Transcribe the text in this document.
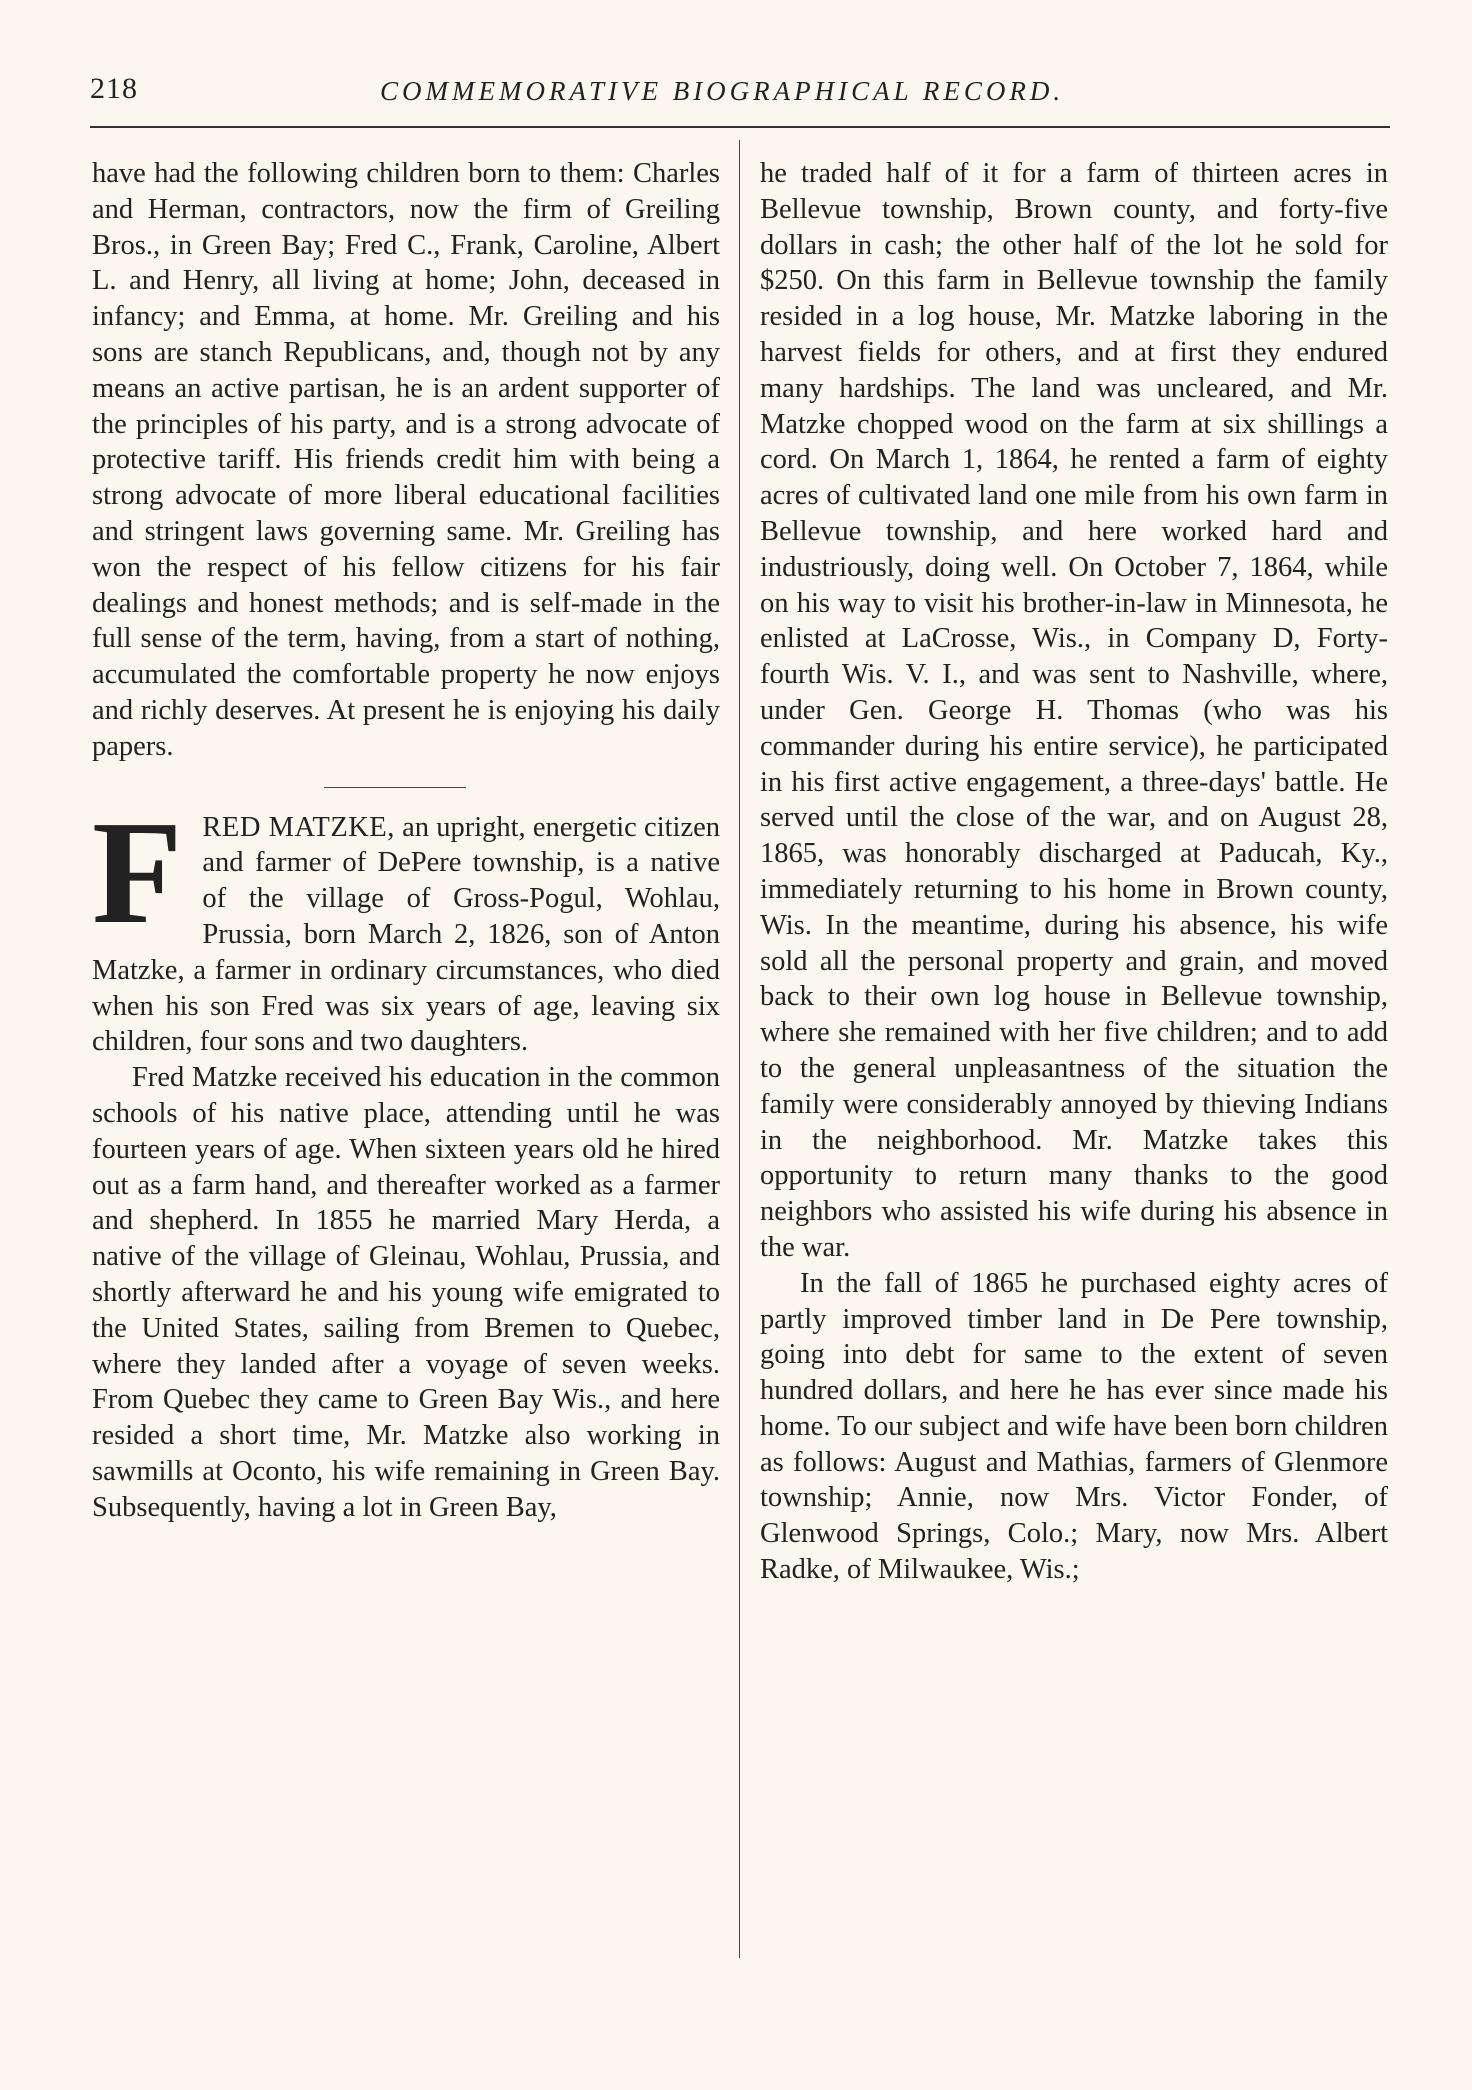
218	COMMEMORATIVE BIOGRAPHICAL RECORD.

have had the following children born to them: Charles and Herman, contractors, now the firm of Greiling Bros., in Green Bay; Fred C., Frank, Caroline, Albert L. and Henry, all living at home; John, deceased in infancy; and Emma, at home. Mr. Greiling and his sons are stanch Republicans, and, though not by any means an active partisan, he is an ardent supporter of the principles of his party, and is a strong advocate of protective tariff. His friends credit him with being a strong advocate of more liberal educational facilities and stringent laws governing same. Mr. Greiling has won the respect of his fellow citizens for his fair dealings and honest methods; and is self-made in the full sense of the term, having, from a start of nothing, accumulated the comfortable property he now enjoys and richly deserves. At present he is enjoying his daily papers.

FRED MATZKE, an upright, energetic citizen and farmer of DePere township, is a native of the village of Gross-Pogul, Wohlau, Prussia, born March 2, 1826, son of Anton Matzke, a farmer in ordinary circumstances, who died when his son Fred was six years of age, leaving six children, four sons and two daughters.

Fred Matzke received his education in the common schools of his native place, attending until he was fourteen years of age. When sixteen years old he hired out as a farm hand, and thereafter worked as a farmer and shepherd. In 1855 he married Mary Herda, a native of the village of Gleinau, Wohlau, Prussia, and shortly afterward he and his young wife emigrated to the United States, sailing from Bremen to Quebec, where they landed after a voyage of seven weeks. From Quebec they came to Green Bay Wis., and here resided a short time, Mr. Matzke also working in sawmills at Oconto, his wife remaining in Green Bay. Subsequently, having a lot in Green Bay,

he traded half of it for a farm of thirteen acres in Bellevue township, Brown county, and forty-five dollars in cash; the other half of the lot he sold for $250. On this farm in Bellevue township the family resided in a log house, Mr. Matzke laboring in the harvest fields for others, and at first they endured many hardships. The land was uncleared, and Mr. Matzke chopped wood on the farm at six shillings a cord. On March 1, 1864, he rented a farm of eighty acres of cultivated land one mile from his own farm in Bellevue township, and here worked hard and industriously, doing well. On October 7, 1864, while on his way to visit his brother-in-law in Minnesota, he enlisted at LaCrosse, Wis., in Company D, Forty-fourth Wis. V. I., and was sent to Nashville, where, under Gen. George H. Thomas (who was his commander during his entire service), he participated in his first active engagement, a three-days' battle. He served until the close of the war, and on August 28, 1865, was honorably discharged at Paducah, Ky., immediately returning to his home in Brown county, Wis. In the meantime, during his absence, his wife sold all the personal property and grain, and moved back to their own log house in Bellevue township, where she remained with her five children; and to add to the general unpleasantness of the situation the family were considerably annoyed by thieving Indians in the neighborhood. Mr. Matzke takes this opportunity to return many thanks to the good neighbors who assisted his wife during his absence in the war.

In the fall of 1865 he purchased eighty acres of partly improved timber land in De Pere township, going into debt for same to the extent of seven hundred dollars, and here he has ever since made his home. To our subject and wife have been born children as follows: August and Mathias, farmers of Glenmore township; Annie, now Mrs. Victor Fonder, of Glenwood Springs, Colo.; Mary, now Mrs. Albert Radke, of Milwaukee, Wis.;
